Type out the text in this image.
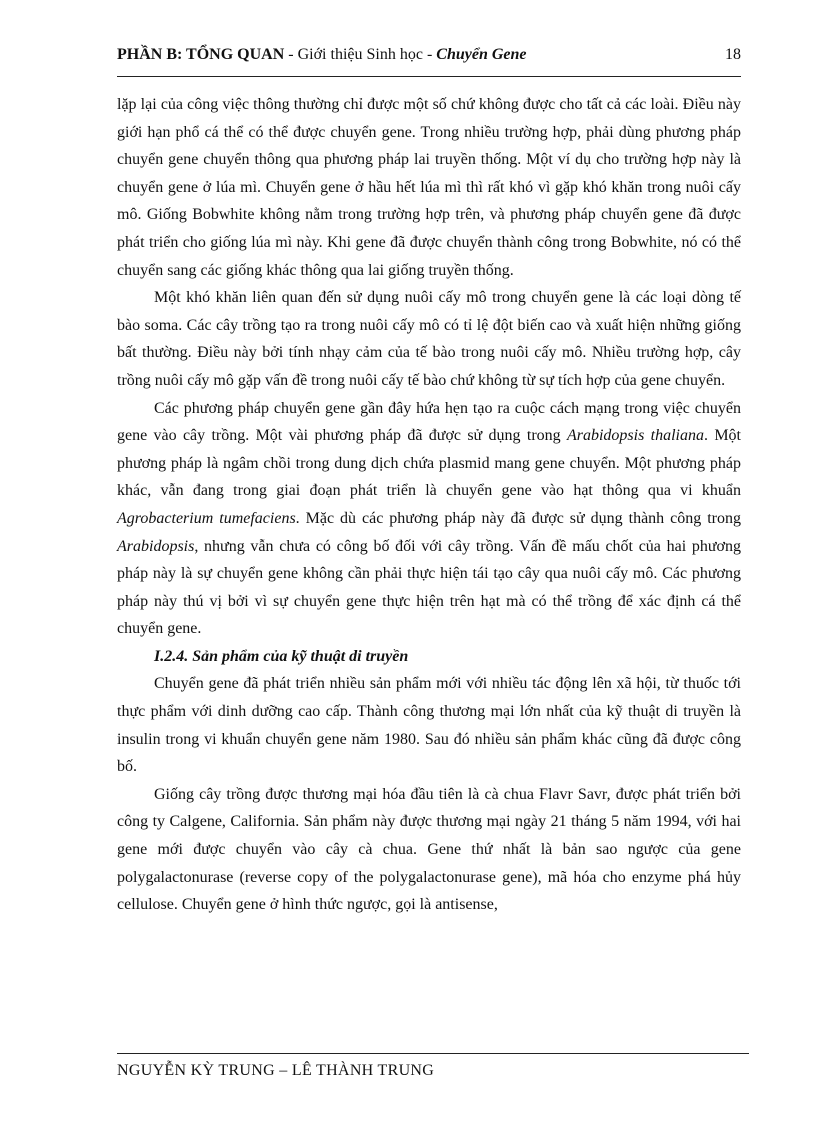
PHẦN B: TỔNG QUAN - Giới thiệu Sinh học - Chuyển Gene	18

lặp lại của công việc thông thường chỉ được một số chứ không được cho tất cả các loài. Điều này giới hạn phổ cá thể có thể được chuyển gene. Trong nhiều trường hợp, phải dùng phương pháp chuyển gene chuyển thông qua phương pháp lai truyền thống. Một ví dụ cho trường hợp này là chuyển gene ở lúa mì. Chuyển gene ở hầu hết lúa mì thì rất khó vì gặp khó khăn trong nuôi cấy mô. Giống Bobwhite không nằm trong trường hợp trên, và phương pháp chuyển gene đã được phát triển cho giống lúa mì này. Khi gene đã được chuyển thành công trong Bobwhite, nó có thể chuyển sang các giống khác thông qua lai giống truyền thống.

Một khó khăn liên quan đến sử dụng nuôi cấy mô trong chuyển gene là các loại dòng tế bào soma. Các cây trồng tạo ra trong nuôi cấy mô có tỉ lệ đột biến cao và xuất hiện những giống bất thường. Điều này bởi tính nhạy cảm của tế bào trong nuôi cấy mô. Nhiều trường hợp, cây trồng nuôi cấy mô gặp vấn đề trong nuôi cấy tế bào chứ không từ sự tích hợp của gene chuyển.

Các phương pháp chuyển gene gần đây hứa hẹn tạo ra cuộc cách mạng trong việc chuyển gene vào cây trồng. Một vài phương pháp đã được sử dụng trong Arabidopsis thaliana. Một phương pháp là ngâm chồi trong dung dịch chứa plasmid mang gene chuyển. Một phương pháp khác, vẫn đang trong giai đoạn phát triển là chuyển gene vào hạt thông qua vi khuẩn Agrobacterium tumefaciens. Mặc dù các phương pháp này đã được sử dụng thành công trong Arabidopsis, nhưng vẫn chưa có công bố đối với cây trồng. Vấn đề mấu chốt của hai phương pháp này là sự chuyển gene không cần phải thực hiện tái tạo cây qua nuôi cấy mô. Các phương pháp này thú vị bởi vì sự chuyển gene thực hiện trên hạt mà có thể trồng để xác định cá thể chuyển gene.

I.2.4. Sản phẩm của kỹ thuật di truyền

Chuyển gene đã phát triển nhiều sản phẩm mới với nhiều tác động lên xã hội, từ thuốc tới thực phẩm với dinh dưỡng cao cấp. Thành công thương mại lớn nhất của kỹ thuật di truyền là insulin trong vi khuẩn chuyển gene năm 1980. Sau đó nhiều sản phẩm khác cũng đã được công bố.

Giống cây trồng được thương mại hóa đầu tiên là cà chua Flavr Savr, được phát triển bởi công ty Calgene, California. Sản phẩm này được thương mại ngày 21 tháng 5 năm 1994, với hai gene mới được chuyển vào cây cà chua. Gene thứ nhất là bản sao ngược của gene polygalactonurase (reverse copy of the polygalactonurase gene), mã hóa cho enzyme phá hủy cellulose. Chuyển gene ở hình thức ngược, gọi là antisense,

NGUYỄN KỲ TRUNG – LÊ THÀNH TRUNG
